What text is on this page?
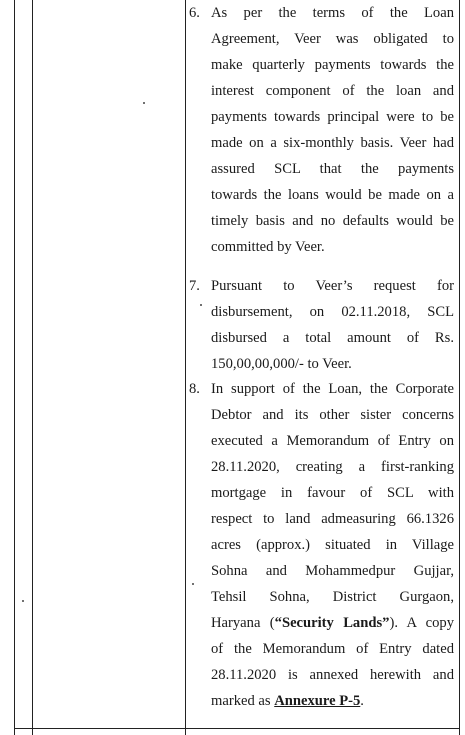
6. As per the terms of the Loan
Agreement, Veer was obligated to
make quarterly payments towards the
interest component of the loan and
payments towards principal were to be
made on a six-monthly basis. Veer had
assured SCL that the payments
towards the loans would be made on a
timely basis and no defaults would be
committed by Veer.
7. Pursuant to Veer’s request for
disbursement, on 02.11.2018, SCL
disbursed a total amount of Rs.
150,00,00,000/- to Veer.
8. In support of the Loan, the Corporate
Debtor and its other sister concerns
executed a Memorandum of Entry on
28.11.2020, creating a first-ranking
mortgage in favour of SCL with
respect to land admeasuring 66.1326
acres (approx.) situated in Village
Sohna and Mohammedpur Gujjar,
Tehsil Sohna, District Gurgaon,
Haryana (“Security Lands”). A copy
of the Memorandum of Entry dated
28.11.2020 is annexed herewith and
marked as Annexure P-5.
